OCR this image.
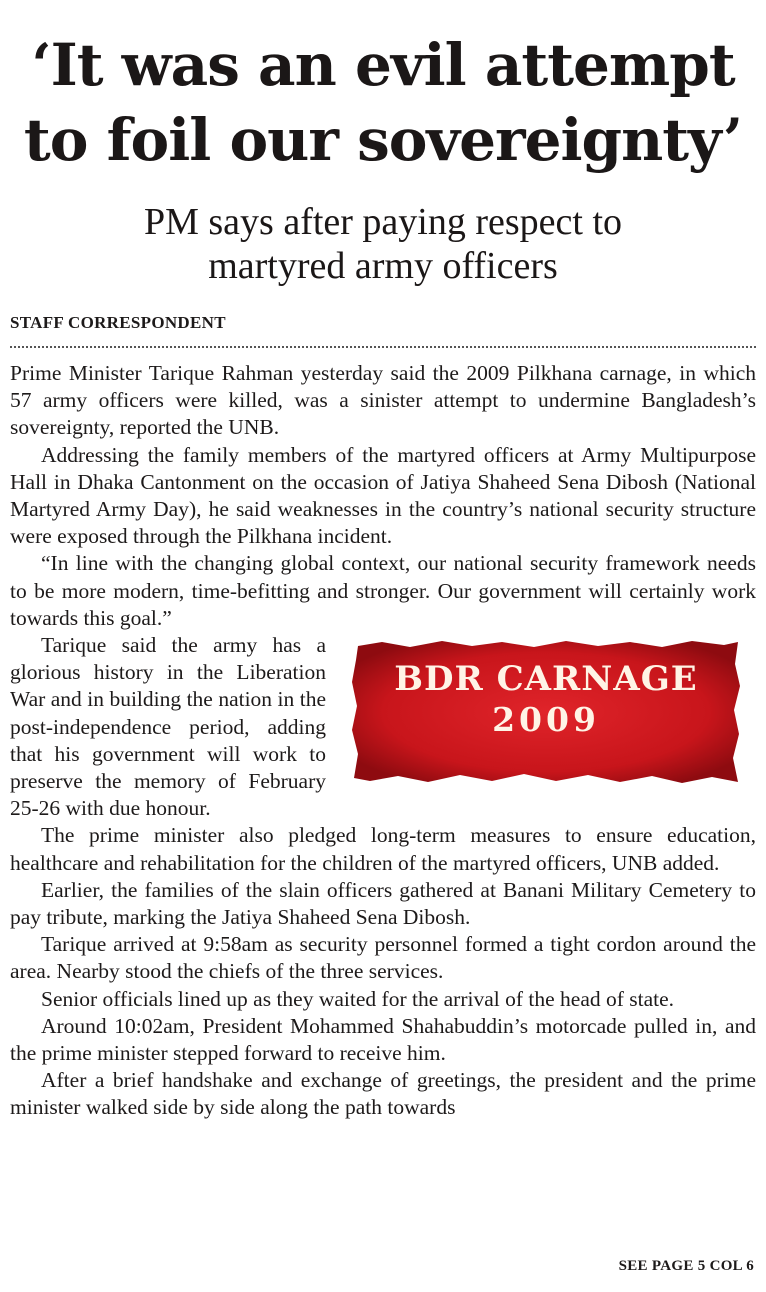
‘It was an evil attempt
to foil our sovereignty’
PM says after paying respect to
martyred army officers
STAFF CORRESPONDENT

Prime Minister Tarique Rahman yesterday said the 2009 Pilkhana carnage, in which 57 army officers were killed, was a sinister attempt to undermine Bangladesh’s sovereignty, reported the UNB.

Addressing the family members of the martyred officers at Army Multipurpose Hall in Dhaka Cantonment on the occasion of Jatiya Shaheed Sena Dibosh (National Martyred Army Day), he said weaknesses in the country’s national security structure were exposed through the Pilkhana incident.

“In line with the changing global context, our national security framework needs to be more modern, time-befitting and stronger. Our government will certainly work towards this goal.”

BDR CARNAGE
2009

Tarique said the army has a glorious history in the Liberation War and in building the nation in the post-independence period, adding that his government will work to preserve the memory of February 25-26 with due honour.

The prime minister also pledged long-term measures to ensure education, healthcare and rehabilitation for the children of the martyred officers, UNB added.

Earlier, the families of the slain officers gathered at Banani Military Cemetery to pay tribute, marking the Jatiya Shaheed Sena Dibosh.

Tarique arrived at 9:58am as security personnel formed a tight cordon around the area. Nearby stood the chiefs of the three services.

Senior officials lined up as they waited for the arrival of the head of state.

Around 10:02am, President Mohammed Shahabuddin’s motorcade pulled in, and the prime minister stepped forward to receive him.

After a brief handshake and exchange of greetings, the president and the prime minister walked side by side along the path towards

SEE PAGE 5 COL 6
